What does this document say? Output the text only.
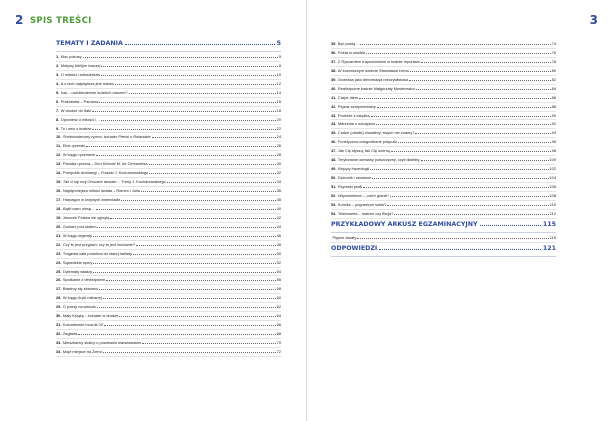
2 SPIS TREŚCI	3
TEMATY I ZADANIA	5
1. Moc pokusy	5
2. Motywy biblijne inaczej	8
3. O miłości i miłosierdziu	10
4. A z nich największa jest miłość	12
5. Icar – uciekleniennie ludzkich marzeń?	14
6. Prakobieta – Pandora	16
7. W drodze do Itaki	18
8. Opowieść o miłości i…	20
9. To i owo o teatrze	22
10. Średniowieczny rycerz, bohater Pieśni o Rolandzie	24
11. Etos rycerski	26
12. W kręgu rycerskim	28
13. Parodia rycerza – Don Kichote M. de Cervantesa	30
14. Poetyckie drobiazgi – Fraszki J. Kochanowskiego	32
15. Tak ci się mój Orszulce dostało… Treny J. Kochanowskiego	34
16. Najsłynniejsza miłość świata – Romeo i Julia	36
17. Harpagon w krzywym zwierciadle	38
18. Bajki wam niosę…	40
19. Jeszcze Polska nie zginęła	42
20. Guślarz pod stołem	44
21. W kręgu legendy	46
22. Czy to jest przyjaźń, czy to jest kochanie?	48
23. Tragedia cała podobna do starej ballady	50
24. Sąsiedzkie spory	52
25. Dylematy władzy	54
26. Spotkanie z detektywem	56
27. Bawimy się słowami	58
28. W kręgu liryki miłosnej	60
29. O poezji na wesoło	62
30. Mały Książę – bohater w drodze	64
31. Kolumbowie rocznik 20	66
32. Zagłada	68
33. Mieszkańcy stolicy o powstaniu warszawskim	70
34. Moje miejsce na Ziemi	72
35. Być poetą…	74
36. Poeta w służbie	76
37. Z Ryszardem Kapuścińskim w krainie reportażu	78
38. W kosmicznym świecie Stanisława Lema	80
39. Groteska jako deformacja rzeczywistości	82
40. Realistyczne baśnie Małgorzaty Musierowicz	84
41. Carpe diem	86
42. Pejzaż sentymentalny	88
43. Podróże z książką	90
44. Marzenia o szczęściu	92
45. Cudze (obwiki) chwalimy, swych nie znamy?	94
46. Fonetyczno-ortograficzne potyczki	96
47. Jak Cię słyszą, tak Cię ocenią	98
48. Terytorialne odmiany polszczyzny, czyli dialekty	100
49. Klejący frazeologii	102
50. Dziennik i słowiane	104
51. Rzymski profil	106
52. Wspomnienia – „ostre granie”	108
53. Komiks – pogranicze sztuk?	110
54. Telenowela – realizm czy fikcja?	112
PRZYKŁADOWY ARKUSZ EGZAMINACYJNY	115
Piękne światy	116
ODPOWIEDZI	121
